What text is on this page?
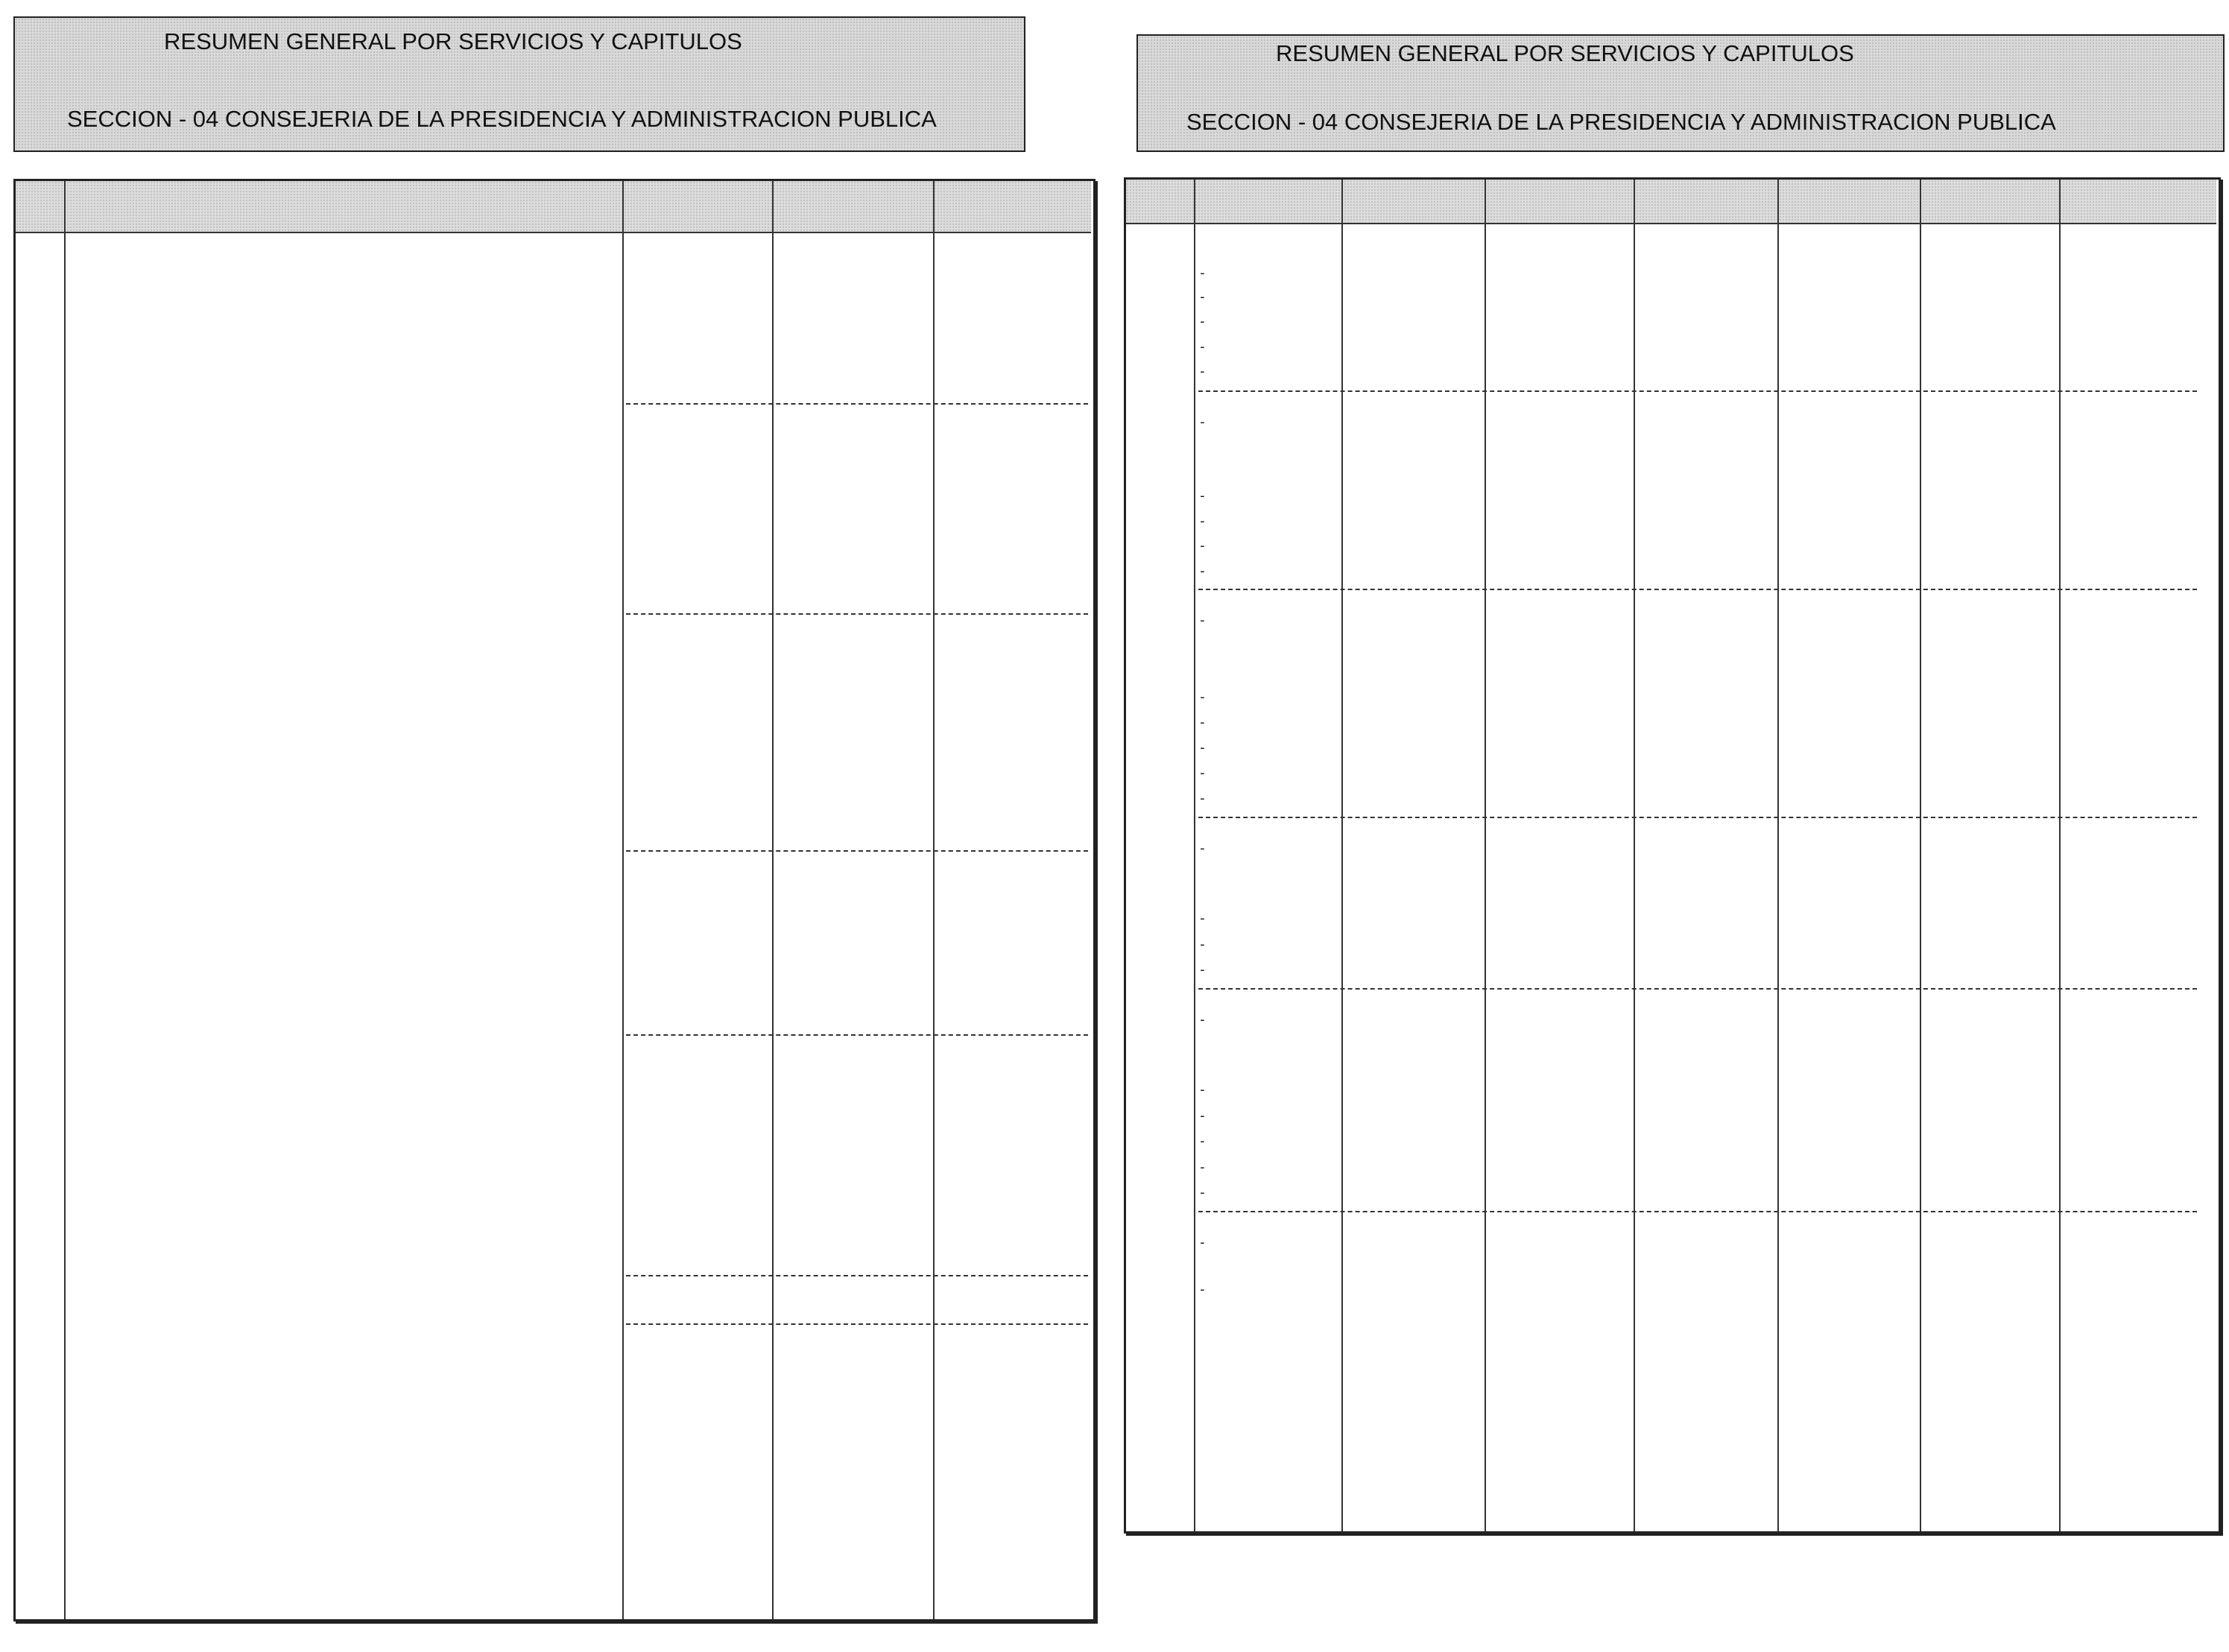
RESUMEN GENERAL POR SERVICIOS Y CAPITULOS
SECCION - 04 CONSEJERIA DE LA PRESIDENCIA Y ADMINISTRACION PUBLICA
RESUMEN GENERAL POR SERVICIOS Y CAPITULOS
SECCION - 04 CONSEJERIA DE LA PRESIDENCIA Y ADMINISTRACION PUBLICA
-
-
-
-
-
-
-
-
-
-
-
-
-
-
-
-
-
-
-
-
-
-
-
-
-
-
-
-
